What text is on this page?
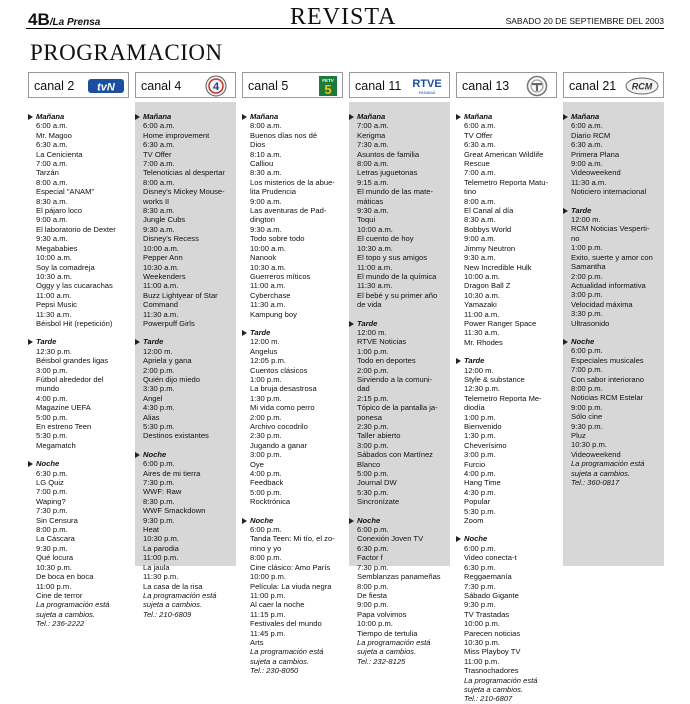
4B/La Prensa	REVISTA	SABADO 20 DE SEPTIEMBRE DEL 2003
PROGRAMACION
canal 2 tvN
Mañana
6:00 a.m.
Mr. Magoo
6:30 a.m.
La Cenicienta
7:00 a.m.
Tarzán
8:00 a.m.
Especial "ANAM"
8:30 a.m.
El pájaro loco
9:00 a.m.
El laboratorio de Dexter
9:30 a.m.
Megababies
10:00 a.m.
Soy la comadreja
10:30 a.m.
Oggy y las cucarachas
11:00 a.m.
Pepsi Music
11:30 a.m.
Béisbol Hit (repetición)
Tarde
12:30 p.m.
Béisbol grandes ligas
3:00 p.m.
Fútbol alrededor del
mundo
4:00 p.m.
Magazine UEFA
5:00 p.m.
En estreno Teen
5:30 p.m.
Megamatch
Noche
6:30 p.m.
LG Quiz
7:00 p.m.
Waping?
7:30 p.m.
Sin Censura
8:00 p.m.
La Cáscara
9:30 p.m.
Qué locura
10:30 p.m.
De boca en boca
11:00 p.m.
Cine de terror
La programación está
sujeta a cambios.
Tel.: 236-2222
canal 4	4
Mañana
6:00 a.m.
Home improvement
6:30 a.m.
TV Offer
7:00 a.m.
Telenoticias al despertar
8:00 a.m.
Disney's Mickey Mouse-
works II
8:30 a.m.
Jungle Cubs
9:30 a.m.
Disney's Recess
10:00 a.m.
Pepper Ann
10:30 a.m.
Weekenders
11:00 a.m.
Buzz Lightyear of Star
Command
11:30 a.m.
Powerpuff Girls
Tarde
12:00 m.
Apriela y gana
2:00 p.m.
Quién dijo miedo
3:30 p.m.
Angel
4:30 p.m.
Alias
5:30 p.m.
Destinos existantes
Noche
6:00 p.m.
Aires de mi tierra
7:30 p.m.
WWF: Raw
8:30 p.m.
WWF Smackdown
9:30 p.m.
Heat
10:30 p.m.
La parodia
11:00 p.m.
La jaula
11:30 p.m.
La casa de la risa
La programación está
sujeta a cambios.
Tel.: 210-6809
canal 5	FETV
5
Mañana
8:00 a.m.
Buenos días nos dé
Dios
8:10 a.m.
Calliou
8:30 a.m.
Los misterios de la abue-
lita Prudencia
9:00 a.m.
Las aventuras de Pad-
dington
9:30 a.m.
Todo sobre todo
10:00 a.m.
Nanook
10:30 a.m.
Guerreros míticos
11:00 a.m.
Cyberchase
11:30 a.m.
Kampung boy
Tarde
12:00 m.
Angelus
12:05 p.m.
Cuentos clásicos
1:00 p.m.
La bruja desastrosa
1:30 p.m.
Mi vida como perro
2:00 p.m.
Archivo cocodrilo
2:30 p.m.
Jugando a ganar
3:00 p.m.
Oye
4:00 p.m.
Feedback
5:00 p.m.
Rocktrónica
Noche
6:00 p.m.
Tanda Teen: Mi tío, el zo-
rrino y yo
8:00 p.m.
Cine clásico: Amo París
10:00 p.m.
Película: La viuda negra
11:00 p.m.
Al caer la noche
11:15 p.m.
Festivales del mundo
11:45 p.m.
Arts
La programación está
sujeta a cambios.
Tel.: 230-8050
canal 11 RTVE
PANAMÁ
Mañana
7:00 a.m.
Kerigma
7:30 a.m.
Asuntos de familia
8:00 a.m.
Letras juguetonas
9:15 a.m.
El mundo de las mate-
máticas
9:30 a.m.
Toqui
10:00 a.m.
El cuento de hoy
10:30 a.m.
El topo y sus amigos
11:00 a.m.
El mundo de la química
11:30 a.m.
El bebé y su primer año
de vida
Tarde
12:00 m.
RTVE Noticias
1:00 p.m.
Todo en deportes
2:00 p.m.
Sirviendo a la comuni-
dad
2:15 p.m.
Tópico de la pantalla ja-
ponesa
2:30 p.m.
Taller abierto
3:00 p.m.
Sábados con Martínez
Blanco
5:00 p.m.
Journal DW
5:30 p.m.
Sincronízate
Noche
6:00 p.m.
Conexión Joven TV
6:30 p.m.
Factor f
7:30 p.m.
Semblanzas panameñas
8:00 p.m.
De fiesta
9:00 p.m.
Papa volvimos
10:00 p.m.
Tiempo de tertulia
La programación está
sujeta a cambios.
Tel.: 232-8125
canal 13
Mañana
6:00 a.m.
TV Offer
6:30 a.m.
Great American Wildlife
Rescue
7:00 a.m.
Telemetro Reporta Matu-
tino
8:00 a.m.
El Canal al día
8:30 a.m.
Bobbys World
9:00 a.m.
Jimmy Neutron
9:30 a.m.
New Incredible Hulk
10:00 a.m.
Dragon Ball Z
10:30 a.m.
Yamazaki
11:00 a.m.
Power Ranger Space
11:30 a.m.
Mr. Rhodes
Tarde
12:00 m.
Style & substance
12:30 p.m.
Telemetro Reporta Me-
diodía
1:00 p.m.
Bienvenido
1:30 p.m.
Cheverísimo
3:00 p.m.
Furcio
4:00 p.m.
Hang Time
4:30 p.m.
Popular
5:30 p.m.
Zoom
Noche
6:00 p.m.
Video conecta-t
6:30 p.m.
Reggaemanía
7:30 p.m.
Sábado Gigante
9:30 p.m.
TV Trastadas
10:00 p.m.
Parecen noticias
10:30 p.m.
Miss Playboy TV
11:00 p.m.
Trasnochadores
La programación está
sujeta a cambios.
Tel.: 210-6807
canal 21 RCM
Mañana
6:00 a.m.
Diario RCM
6:30 a.m.
Primera Plana
9:00 a.m.
Videoweekend
11:30 a.m.
Noticiero internacional
Tarde
12:00 m.
RCM Noticias Vesperti-
no
1:00 p.m.
Exito, suerte y amor con
Samantha
2:00 p.m.
Actualidad informativa
3:00 p.m.
Velocidad máxima
3:30 p.m.
Ultrasonido
Noche
6:00 p.m.
Especiales musicales
7:00 p.m.
Con sabor interiorano
8:00 p.m.
Noticias RCM Estelar
9:00 p.m.
Sólo cine
9:30 p.m.
Pluz
10:30 p.m.
Videoweekend
La programación está
sujeta a cambios.
Tel.: 360-0817
